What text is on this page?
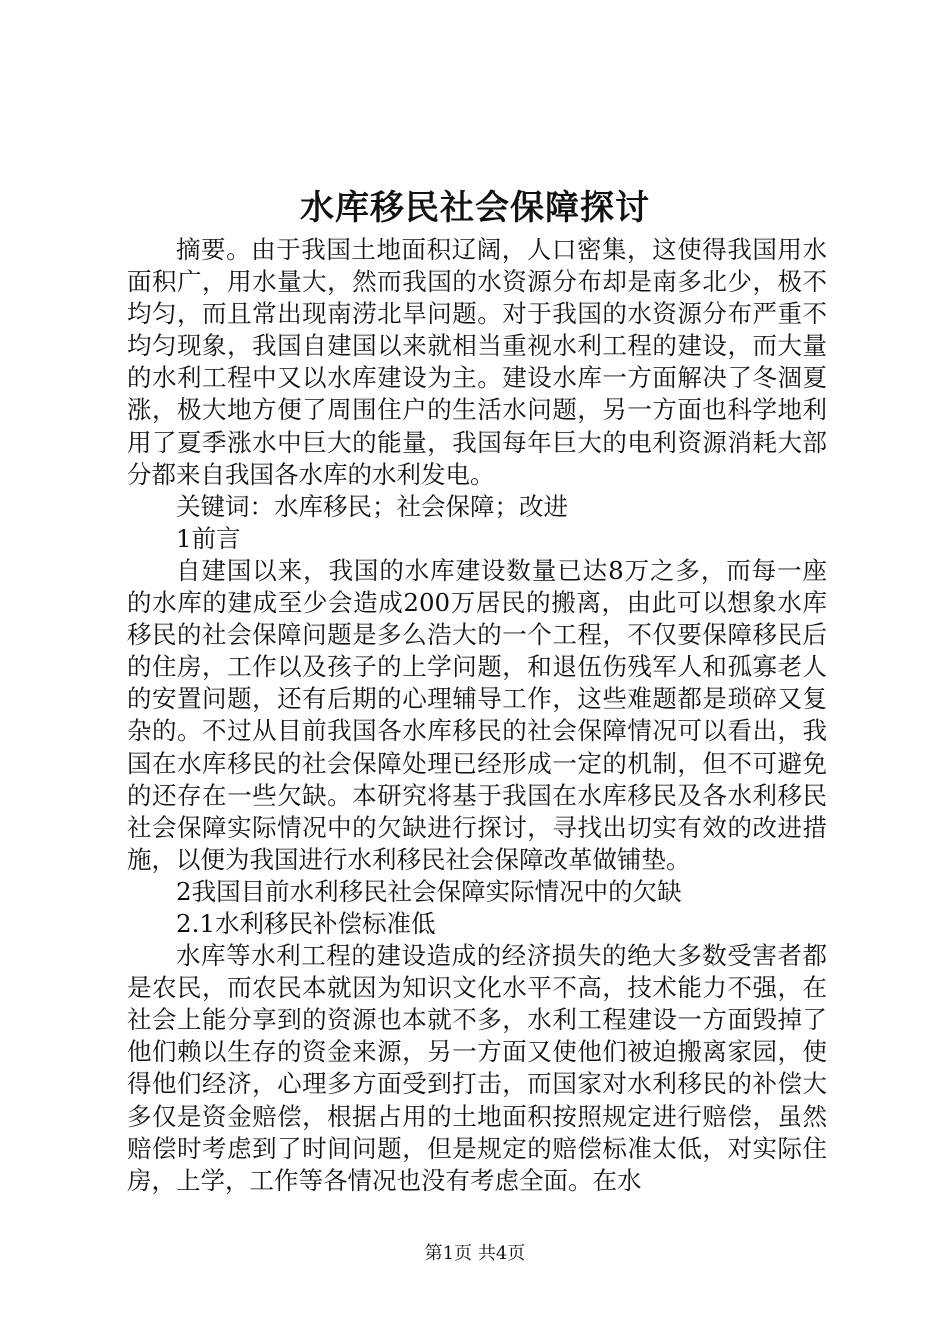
水库移民社会保障探讨

摘要。由于我国土地面积辽阔，人口密集，这使得我国用水面积广，用水量大，然而我国的水资源分布却是南多北少，极不均匀，而且常出现南涝北旱问题。对于我国的水资源分布严重不均匀现象，我国自建国以来就相当重视水利工程的建设，而大量的水利工程中又以水库建设为主。建设水库一方面解决了冬涸夏涨，极大地方便了周围住户的生活水问题，另一方面也科学地利用了夏季涨水中巨大的能量，我国每年巨大的电利资源消耗大部分都来自我国各水库的水利发电。

关键词：水库移民；社会保障；改进

1前言

自建国以来，我国的水库建设数量已达8万之多，而每一座的水库的建成至少会造成200万居民的搬离，由此可以想象水库移民的社会保障问题是多么浩大的一个工程，不仅要保障移民后的住房，工作以及孩子的上学问题，和退伍伤残军人和孤寡老人的安置问题，还有后期的心理辅导工作，这些难题都是琐碎又复杂的。不过从目前我国各水库移民的社会保障情况可以看出，我国在水库移民的社会保障处理已经形成一定的机制，但不可避免的还存在一些欠缺。本研究将基于我国在水库移民及各水利移民社会保障实际情况中的欠缺进行探讨，寻找出切实有效的改进措施，以便为我国进行水利移民社会保障改革做铺垫。

2我国目前水利移民社会保障实际情况中的欠缺

2.1水利移民补偿标准低

水库等水利工程的建设造成的经济损失的绝大多数受害者都是农民，而农民本就因为知识文化水平不高，技术能力不强，在社会上能分享到的资源也本就不多，水利工程建设一方面毁掉了他们赖以生存的资金来源，另一方面又使他们被迫搬离家园，使得他们经济，心理多方面受到打击，而国家对水利移民的补偿大多仅是资金赔偿，根据占用的土地面积按照规定进行赔偿，虽然赔偿时考虑到了时间问题，但是规定的赔偿标准太低，对实际住房，上学，工作等各情况也没有考虑全面。在水

第1页 共4页
